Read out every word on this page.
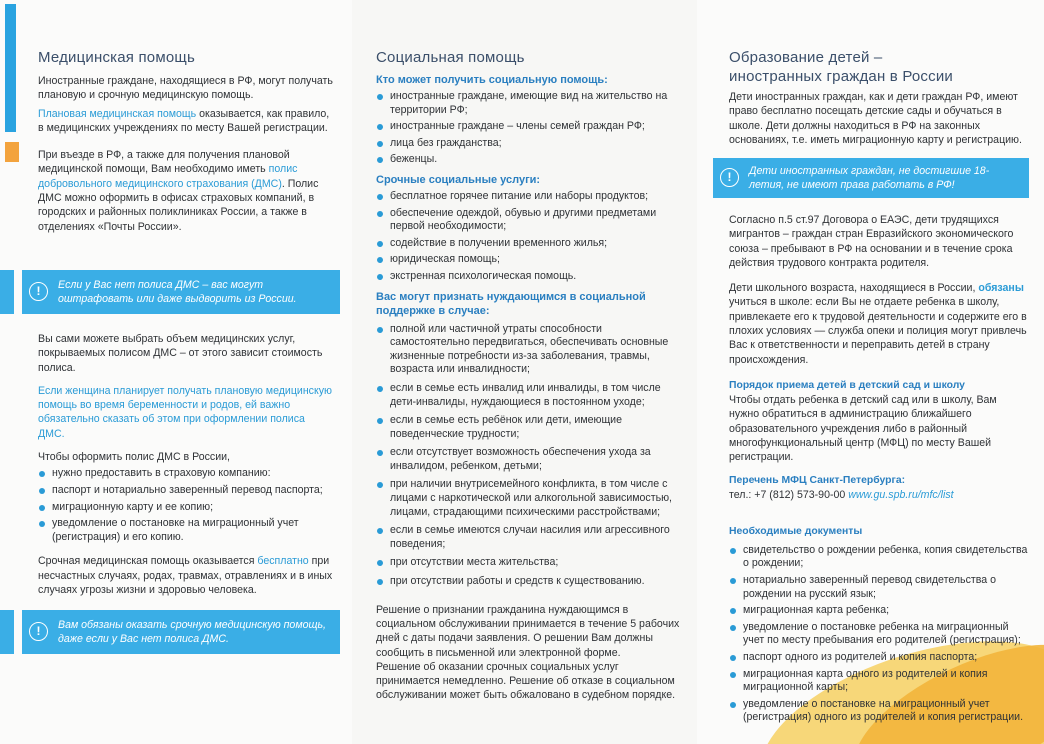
Медицинская помощь

Иностранные граждане, находящиеся в РФ, могут получать плановую и срочную медицинскую помощь.

Плановая медицинская помощь оказывается, как правило, в медицинских учреждениях по месту Вашей регистрации.

При въезде в РФ, а также для получения плановой медицинской помощи, Вам необходимо иметь полис добровольного медицинского страхования (ДМС). Полис ДМС можно оформить в офисах страховых компаний, в городских и районных поликлиниках России, а также в отделениях «Почты России».

!	Если у Вас нет полиса ДМС – вас могут оштрафовать или даже выдворить из России.

Вы сами можете выбрать объем медицинских услуг, покрываемых полисом ДМС – от этого зависит стоимость полиса.

Если женщина планирует получать плановую медицинскую помощь во время беременности и родов, ей важно обязательно сказать об этом при оформлении полиса ДМС.

Чтобы оформить полис ДМС в России,

нужно предоставить в страховую компанию:
паспорт и нотариально заверенный перевод паспорта;
миграционную карту и ее копию;
уведомление о постановке на миграционный учет (регистрация) и его копию.

Срочная медицинская помощь оказывается бесплатно при несчастных случаях, родах, травмах, отравлениях и в иных случаях угрозы жизни и здоровью человека.

!	Вам обязаны оказать срочную медицинскую помощь, даже если у Вас нет полиса ДМС.
Социальная помощь

Кто может получить социальную помощь:

иностранные граждане, имеющие вид на жительство на территории РФ;
иностранные граждане – члены семей граждан РФ;
лица без гражданства;
беженцы.

Срочные социальные услуги:

бесплатное горячее питание или наборы продуктов;
обеспечение одеждой, обувью и другими предметами первой необходимости;
содействие в получении временного жилья;
юридическая помощь;
экстренная психологическая помощь.

Вас могут признать нуждающимся в социальной поддержке в случае:

полной или частичной утраты способности самостоятельно передвигаться, обеспечивать основные жизненные потребности из-за заболевания, травмы, возраста или инвалидности;
если в семье есть инвалид или инвалиды, в том числе дети-инвалиды, нуждающиеся в постоянном уходе;
если в семье есть ребёнок или дети, имеющие поведенческие трудности;
если отсутствует возможность обеспечения ухода за инвалидом, ребенком, детьми;
при наличии внутрисемейного конфликта, в том числе с лицами с наркотической или алкогольной зависимостью, лицами, страдающими психическими расстройствами;
если в семье имеются случаи насилия или агрессивного поведения;
при отсутствии места жительства;
при отсутствии работы и средств к существованию.

Решение о признании гражданина нуждающимся в социальном обслуживании принимается в течение 5 рабочих дней с даты подачи заявления. О решении Вам должны сообщить в письменной или электронной форме.

Решение об оказании срочных социальных услуг принимается немедленно. Решение об отказе в социальном обслуживании может быть обжаловано в судебном порядке.

Образование детей –
иностранных граждан в России

Дети иностранных граждан, как и дети граждан РФ, имеют право бесплатно посещать детские сады и обучаться в школе. Дети должны находиться в РФ на законных основаниях, т.е. иметь миграционную карту и регистрацию.

!	Дети иностранных граждан, не достигшие 18-летия, не имеют права работать в РФ!

Согласно п.5 ст.97 Договора о ЕАЭС, дети трудящихся мигрантов – граждан стран Евразийского экономического союза – пребывают в РФ на основании и в течение срока действия трудового контракта родителя.

Дети школьного возраста, находящиеся в России, обязаны учиться в школе: если Вы не отдаете ребенка в школу, привлекаете его к трудовой деятельности и содержите его в плохих условиях — служба опеки и полиция могут привлечь Вас к ответственности и переправить детей в страну происхождения.

Порядок приема детей в детский сад и школу

Чтобы отдать ребенка в детский сад или в школу, Вам нужно обратиться в администрацию ближайшего образовательного учреждения либо в районный многофункциональный центр (МФЦ) по месту Вашей регистрации.

Перечень МФЦ Санкт-Петербурга:

тел.: +7 (812) 573-90-00 www.gu.spb.ru/mfc/list

Необходимые документы

свидетельство о рождении ребенка, копия свидетельства о рождении;
нотариально заверенный перевод свидетельства о рождении на русский язык;
миграционная карта ребенка;
уведомление о постановке ребенка на миграционный учет по месту пребывания его родителей (регистрация);
паспорт одного из родителей и копия паспорта;
миграционная карта одного из родителей и копия миграционной карты;
уведомление о постановке на миграционный учет (регистрация) одного из родителей и копия регистрации.
